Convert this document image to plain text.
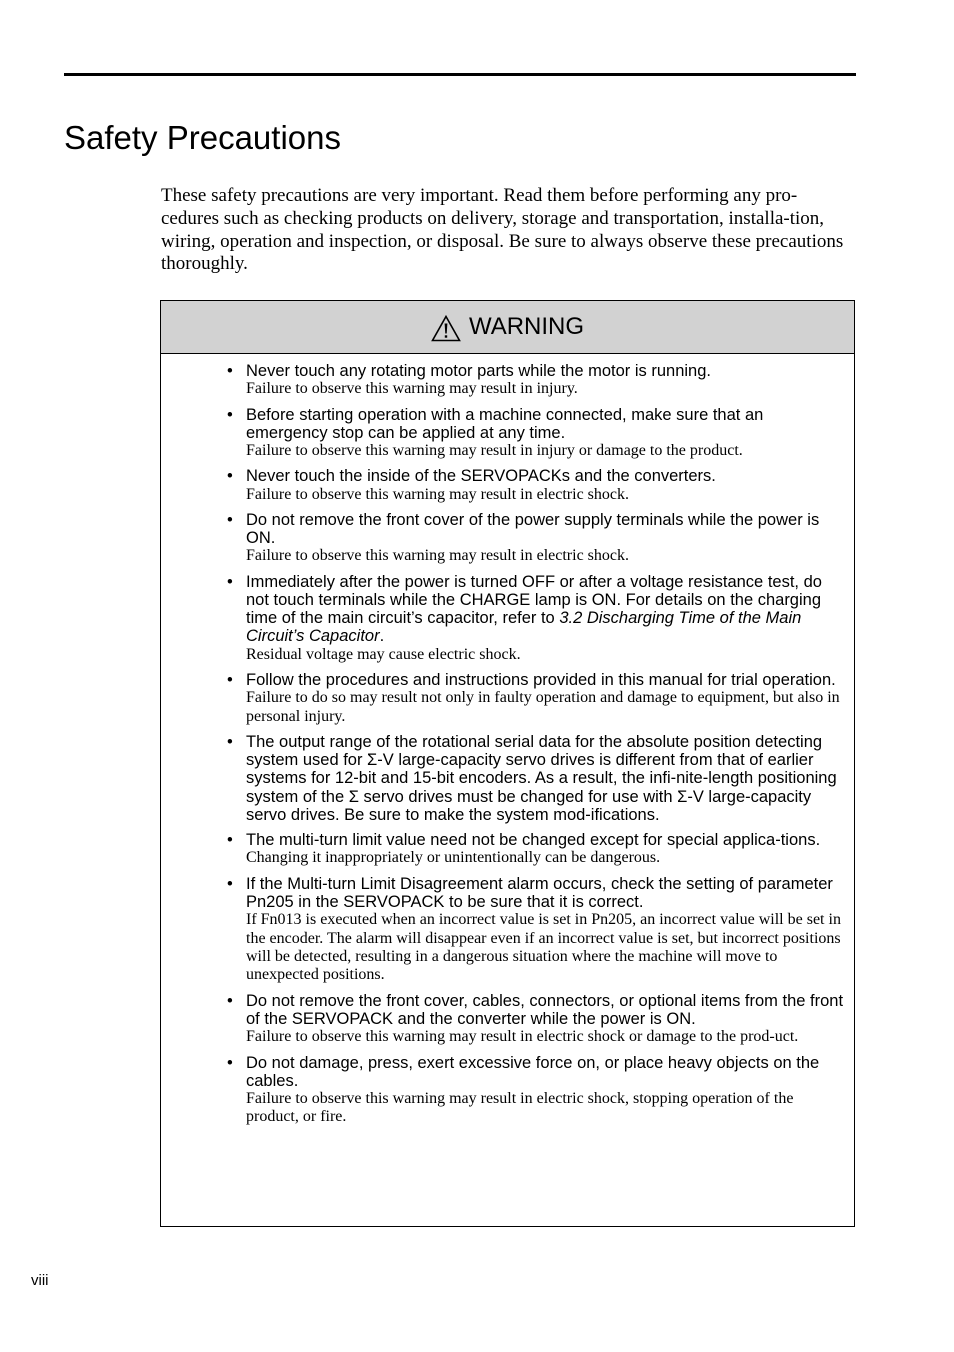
Safety Precautions

These safety precautions are very important. Read them before performing any pro-cedures such as checking products on delivery, storage and transportation, installa-tion, wiring, operation and inspection, or disposal. Be sure to always observe these precautions thoroughly.

WARNING
• Never touch any rotating motor parts while the motor is running.
Failure to observe this warning may result in injury.
• Before starting operation with a machine connected, make sure that an emergency stop can be applied at any time.
Failure to observe this warning may result in injury or damage to the product.
• Never touch the inside of the SERVOPACKs and the converters.
Failure to observe this warning may result in electric shock.
• Do not remove the front cover of the power supply terminals while the power is ON.
Failure to observe this warning may result in electric shock.
• Immediately after the power is turned OFF or after a voltage resistance test, do not touch terminals while the CHARGE lamp is ON. For details on the charging time of the main circuit’s capacitor, refer to 3.2 Discharging Time of the Main Circuit’s Capacitor.
Residual voltage may cause electric shock.
• Follow the procedures and instructions provided in this manual for trial operation.
Failure to do so may result not only in faulty operation and damage to equipment, but also in personal injury.
• The output range of the rotational serial data for the absolute position detecting system used for Σ-V large-capacity servo drives is different from that of earlier systems for 12-bit and 15-bit encoders. As a result, the infi-nite-length positioning system of the Σ servo drives must be changed for use with Σ-V large-capacity servo drives. Be sure to make the system mod-ifications.
• The multi-turn limit value need not be changed except for special applica-tions.
Changing it inappropriately or unintentionally can be dangerous.
• If the Multi-turn Limit Disagreement alarm occurs, check the setting of parameter Pn205 in the SERVOPACK to be sure that it is correct.
If Fn013 is executed when an incorrect value is set in Pn205, an incorrect value will be set in the encoder. The alarm will disappear even if an incorrect value is set, but incorrect positions will be detected, resulting in a dangerous situation where the machine will move to unexpected positions.
• Do not remove the front cover, cables, connectors, or optional items from the front of the SERVOPACK and the converter while the power is ON.
Failure to observe this warning may result in electric shock or damage to the prod-uct.
• Do not damage, press, exert excessive force on, or place heavy objects on the cables.
Failure to observe this warning may result in electric shock, stopping operation of the product, or fire.
viii
